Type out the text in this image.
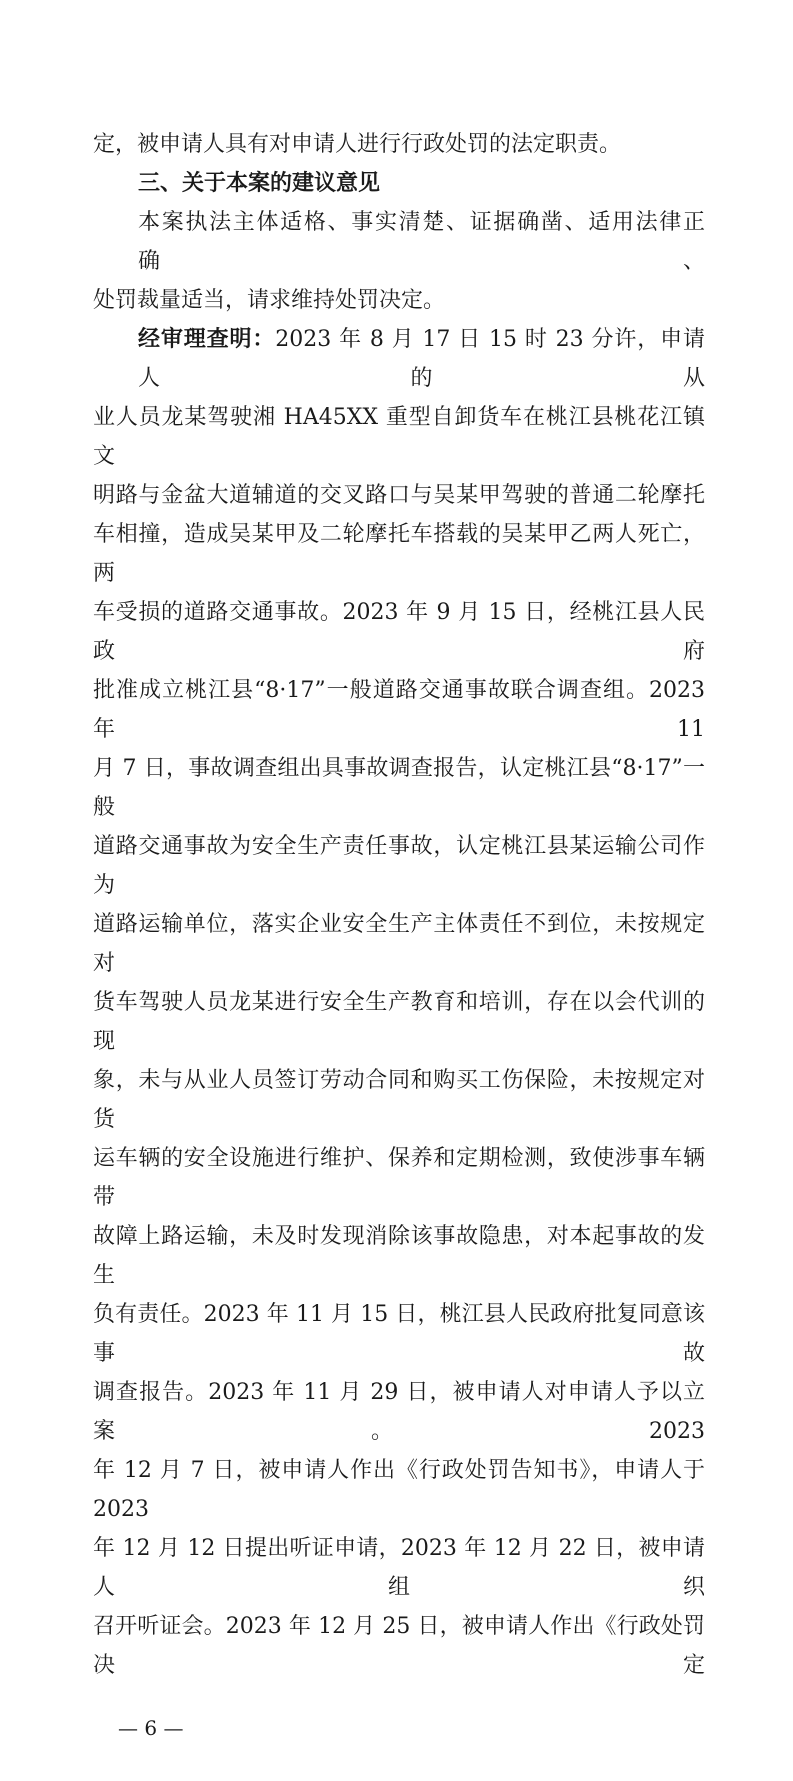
定，被申请人具有对申请人进行行政处罚的法定职责。

三、关于本案的建议意见

本案执法主体适格、事实清楚、证据确凿、适用法律正确、

处罚裁量适当，请求维持处罚决定。

经审理查明：2023 年 8 月 17 日 15 时 23 分许，申请人的从

业人员龙某驾驶湘 HA45XX 重型自卸货车在桃江县桃花江镇文

明路与金盆大道辅道的交叉路口与吴某甲驾驶的普通二轮摩托

车相撞，造成吴某甲及二轮摩托车搭载的吴某甲乙两人死亡，两

车受损的道路交通事故。2023 年 9 月 15 日，经桃江县人民政府

批准成立桃江县“8·17”一般道路交通事故联合调查组。2023 年 11

月 7 日，事故调查组出具事故调查报告，认定桃江县“8·17”一般

道路交通事故为安全生产责任事故，认定桃江县某运输公司作为

道路运输单位，落实企业安全生产主体责任不到位，未按规定对

货车驾驶人员龙某进行安全生产教育和培训，存在以会代训的现

象，未与从业人员签订劳动合同和购买工伤保险，未按规定对货

运车辆的安全设施进行维护、保养和定期检测，致使涉事车辆带

故障上路运输，未及时发现消除该事故隐患，对本起事故的发生

负有责任。2023 年 11 月 15 日，桃江县人民政府批复同意该事故

调查报告。2023 年 11 月 29 日，被申请人对申请人予以立案。2023

年 12 月 7 日，被申请人作出《行政处罚告知书》，申请人于 2023

年 12 月 12 日提出听证申请，2023 年 12 月 22 日，被申请人组织

召开听证会。2023 年 12 月 25 日，被申请人作出《行政处罚决定

— 6 —
